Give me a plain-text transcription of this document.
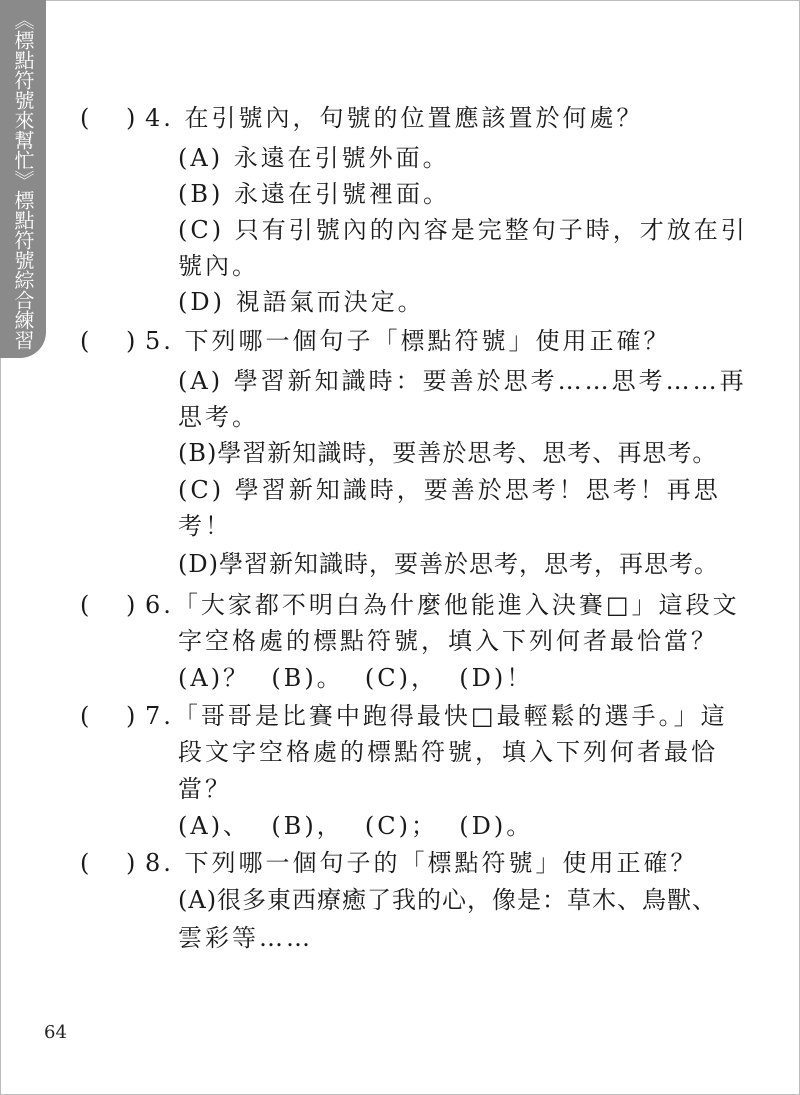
《標點符號來幫忙》標點符號綜合練習 ( ) 4. 在引號內，句號的位置應該置於何處？
(A) 永遠在引號外面。
(B) 永遠在引號裡面。
(C) 只有引號內的內容是完整句子時，才放在引
號內。
(D) 視語氣而決定。
( ) 5. 下列哪一個句子「標點符號」使用正確？
(A) 學習新知識時：要善於思考……思考……再
思考。
(B)學習新知識時，要善於思考、思考、再思考。
(C) 學習新知識時，要善於思考！思考！再思
考！
(D)學習新知識時，要善於思考，思考，再思考。
( ) 6.「大家都不明白為什麼他能進入決賽□」這段文
字空格處的標點符號，填入下列何者最恰當？
(A)？  (B)。  (C)，  (D)！
( ) 7.「哥哥是比賽中跑得最快□最輕鬆的選手。」這
段文字空格處的標點符號，填入下列何者最恰
當？
(A)、  (B)，  (C)；  (D)。
( ) 8. 下列哪一個句子的「標點符號」使用正確？
(A)很多東西療癒了我的心，像是：草木、鳥獸、
雲彩等……
64
